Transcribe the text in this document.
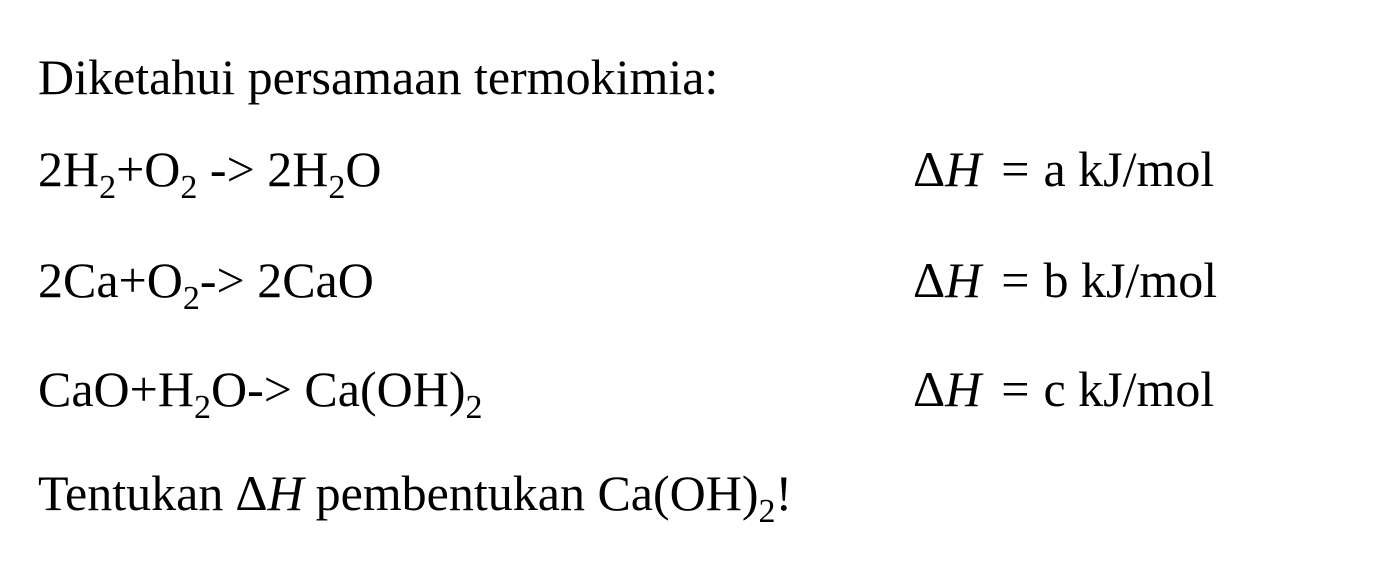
Diketahui persamaan termokimia:
$2H_2+O_2 -> 2H_2O$	ΔH = a kJ/mol
$2Ca+O_2-> 2CaO$	ΔH = b kJ/mol
$CaO+H_2O-> Ca(OH)_2$	ΔH = c kJ/mol
Tentukan ΔH pembentukan $Ca(OH)_2$!
